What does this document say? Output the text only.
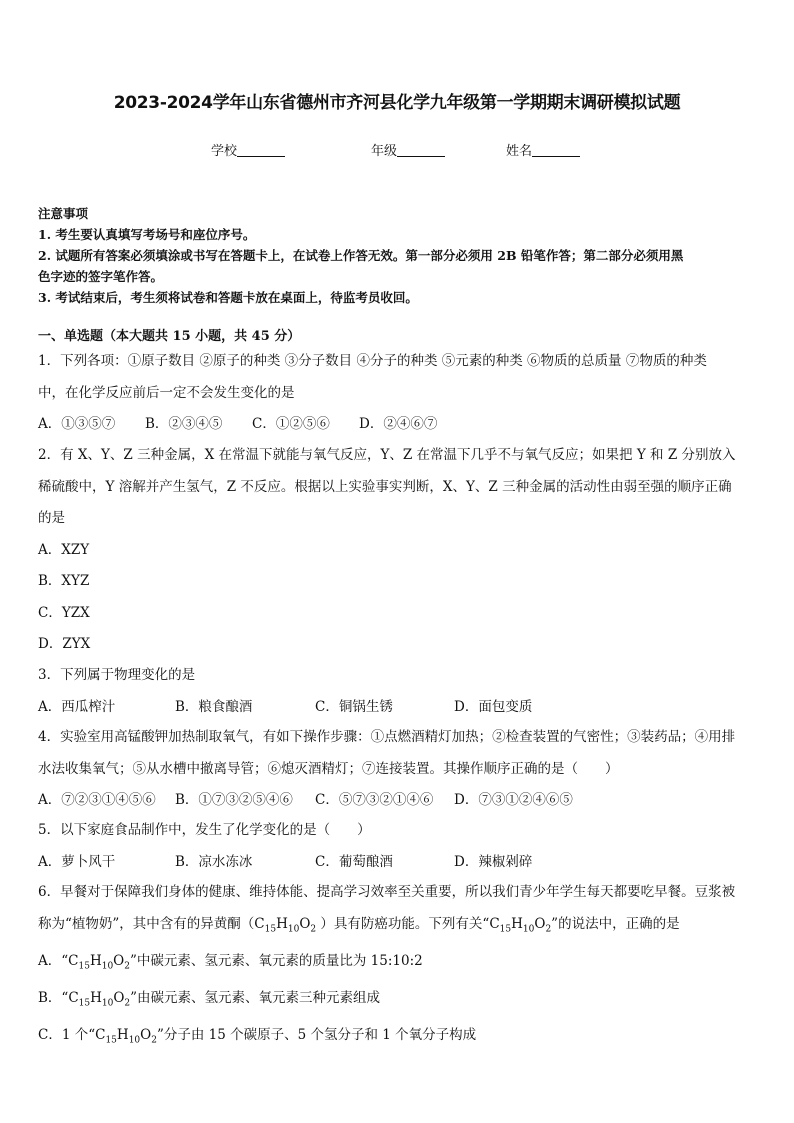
2023-2024学年山东省德州市齐河县化学九年级第一学期期末调研模拟试题
学校	年级	姓名
注意事项
1. 考生要认真填写考场号和座位序号。
2. 试题所有答案必须填涂或书写在答题卡上，在试卷上作答无效。第一部分必须用 2B 铅笔作答；第二部分必须用黑
色字迹的签字笔作答。
3. 考试结束后，考生须将试卷和答题卡放在桌面上，待监考员收回。
一、单选题（本大题共 15 小题，共 45 分）
1．下列各项：①原子数目 ②原子的种类 ③分子数目 ④分子的种类 ⑤元素的种类 ⑥物质的总质量 ⑦物质的种类
中，在化学反应前后一定不会发生变化的是
A．①③⑤⑦	B．②③④⑤	C．①②⑤⑥	D．②④⑥⑦
2．有 X、Y、Z 三种金属，X 在常温下就能与氧气反应，Y、Z 在常温下几乎不与氧气反应；如果把 Y 和 Z 分别放入
稀硫酸中，Y 溶解并产生氢气，Z 不反应。根据以上实验事实判断，X、Y、Z 三种金属的活动性由弱至强的顺序正确
的是
A．XZY
B．XYZ
C．YZX
D．ZYX
3．下列属于物理变化的是
A．西瓜榨汁	B．粮食酿酒	C．铜锅生锈	D．面包变质
4．实验室用高锰酸钾加热制取氧气，有如下操作步骤：①点燃酒精灯加热；②检查装置的气密性；③装药品；④用排
水法收集氧气；⑤从水槽中撤离导管；⑥熄灭酒精灯；⑦连接装置。其操作顺序正确的是（　　）
A．⑦②③①④⑤⑥	B．①⑦③②⑤④⑥	C．⑤⑦③②①④⑥	D．⑦③①②④⑥⑤
5．以下家庭食品制作中，发生了化学变化的是（　　）
A．萝卜风干	B．凉水冻冰	C．葡萄酿酒	D．辣椒剁碎
6．早餐对于保障我们身体的健康、维持体能、提高学习效率至关重要，所以我们青少年学生每天都要吃早餐。豆浆被
称为“植物奶”，其中含有的异黄酮（$C_{15}H_{10}O_2$ ）具有防癌功能。下列有关“$C_{15}H_{10}O_2$”的说法中，正确的是
A．“$C_{15}H_{10}O_2$”中碳元素、氢元素、氧元素的质量比为 15:10:2
B．“$C_{15}H_{10}O_2$”由碳元素、氢元素、氧元素三种元素组成
C．1 个“$C_{15}H_{10}O_2$”分子由 15 个碳原子、5 个氢分子和 1 个氧分子构成
